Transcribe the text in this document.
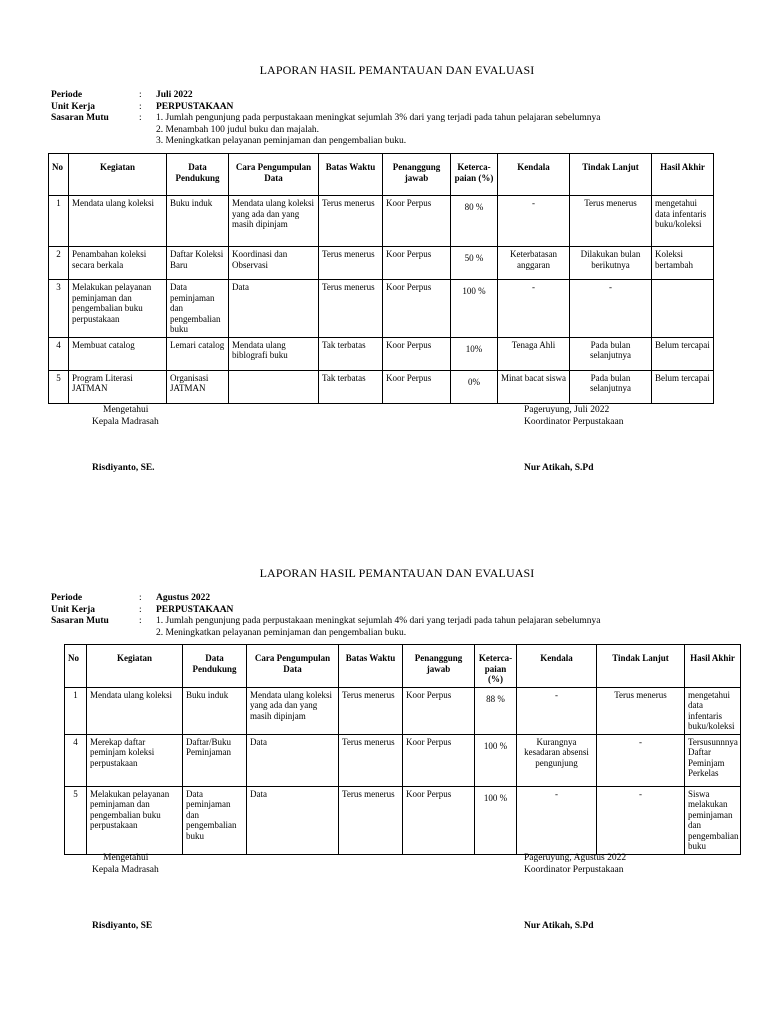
LAPORAN HASIL PEMANTAUAN DAN EVALUASI
Periode	:	Juli 2022
Unit Kerja	:	PERPUSTAKAAN
Sasaran Mutu	:	1. Jumlah pengunjung pada perpustakaan meningkat sejumlah 3% dari yang terjadi pada tahun pelajaran sebelumnya
2. Menambah 100 judul buku dan majalah.
3. Meningkatkan pelayanan peminjaman dan pengembalian buku.
No	Kegiatan	Data Pendukung	Cara Pengumpulan Data	Batas Waktu	Penanggung jawab	Keterca-paian (%)	Kendala	Tindak Lanjut	Hasil Akhir
1	Mendata ulang koleksi	Buku induk	Mendata ulang koleksi yang ada dan yang masih dipinjam	Terus menerus	Koor Perpus	80 %	-	Terus menerus	mengetahui data infentaris buku/koleksi
2	Penambahan koleksi secara berkala	Daftar Koleksi Baru	Koordinasi dan Observasi	Terus menerus	Koor Perpus	50 %	Keterbatasan anggaran	Dilakukan bulan berikutnya	Koleksi bertambah
3	Melakukan pelayanan peminjaman dan pengembalian buku perpustakaan	Data peminjaman dan pengembalian buku	Data	Terus menerus	Koor Perpus	100 %	-	-	
4	Membuat catalog	Lemari catalog	Mendata ulang biblografi buku	Tak terbatas	Koor Perpus	10%	Tenaga Ahli	Pada bulan selanjutnya	Belum tercapai
5	Program Literasi JATMAN	Organisasi JATMAN		Tak terbatas	Koor Perpus	0%	Minat bacat siswa	Pada bulan selanjutnya	Belum tercapai
Mengetahui
Kepala Madrasah
Risdiyanto, SE.
Pageruyung, Juli 2022
Koordinator Perpustakaan
Nur Atikah, S.Pd
LAPORAN HASIL PEMANTAUAN DAN EVALUASI
Periode	:	Agustus 2022
Unit Kerja	:	PERPUSTAKAAN
Sasaran Mutu	:	1. Jumlah pengunjung pada perpustakaan meningkat sejumlah 4% dari yang terjadi pada tahun pelajaran sebelumnya
2. Meningkatkan pelayanan peminjaman dan pengembalian buku.
No	Kegiatan	Data Pendukung	Cara Pengumpulan Data	Batas Waktu	Penanggung jawab	Keterca-paian (%)	Kendala	Tindak Lanjut	Hasil Akhir
1	Mendata ulang koleksi	Buku induk	Mendata ulang koleksi yang ada dan yang masih dipinjam	Terus menerus	Koor Perpus	88 %	-	Terus menerus	mengetahui data infentaris buku/koleksi
4	Merekap daftar peminjam koleksi perpustakaan	Daftar/Buku Peminjaman	Data	Terus menerus	Koor Perpus	100 %	Kurangnya kesadaran absensi pengunjung	-	Tersusunnnya Daftar Peminjam Perkelas
5	Melakukan pelayanan peminjaman dan pengembalian buku perpustakaan	Data peminjaman dan pengembalian buku	Data	Terus menerus	Koor Perpus	100 %	-	-	Siswa melakukan peminjaman dan pengembalian buku
Mengetahui
Kepala Madrasah
Risdiyanto, SE
Pageruyung, Agustus 2022
Koordinator Perpustakaan
Nur Atikah, S.Pd
